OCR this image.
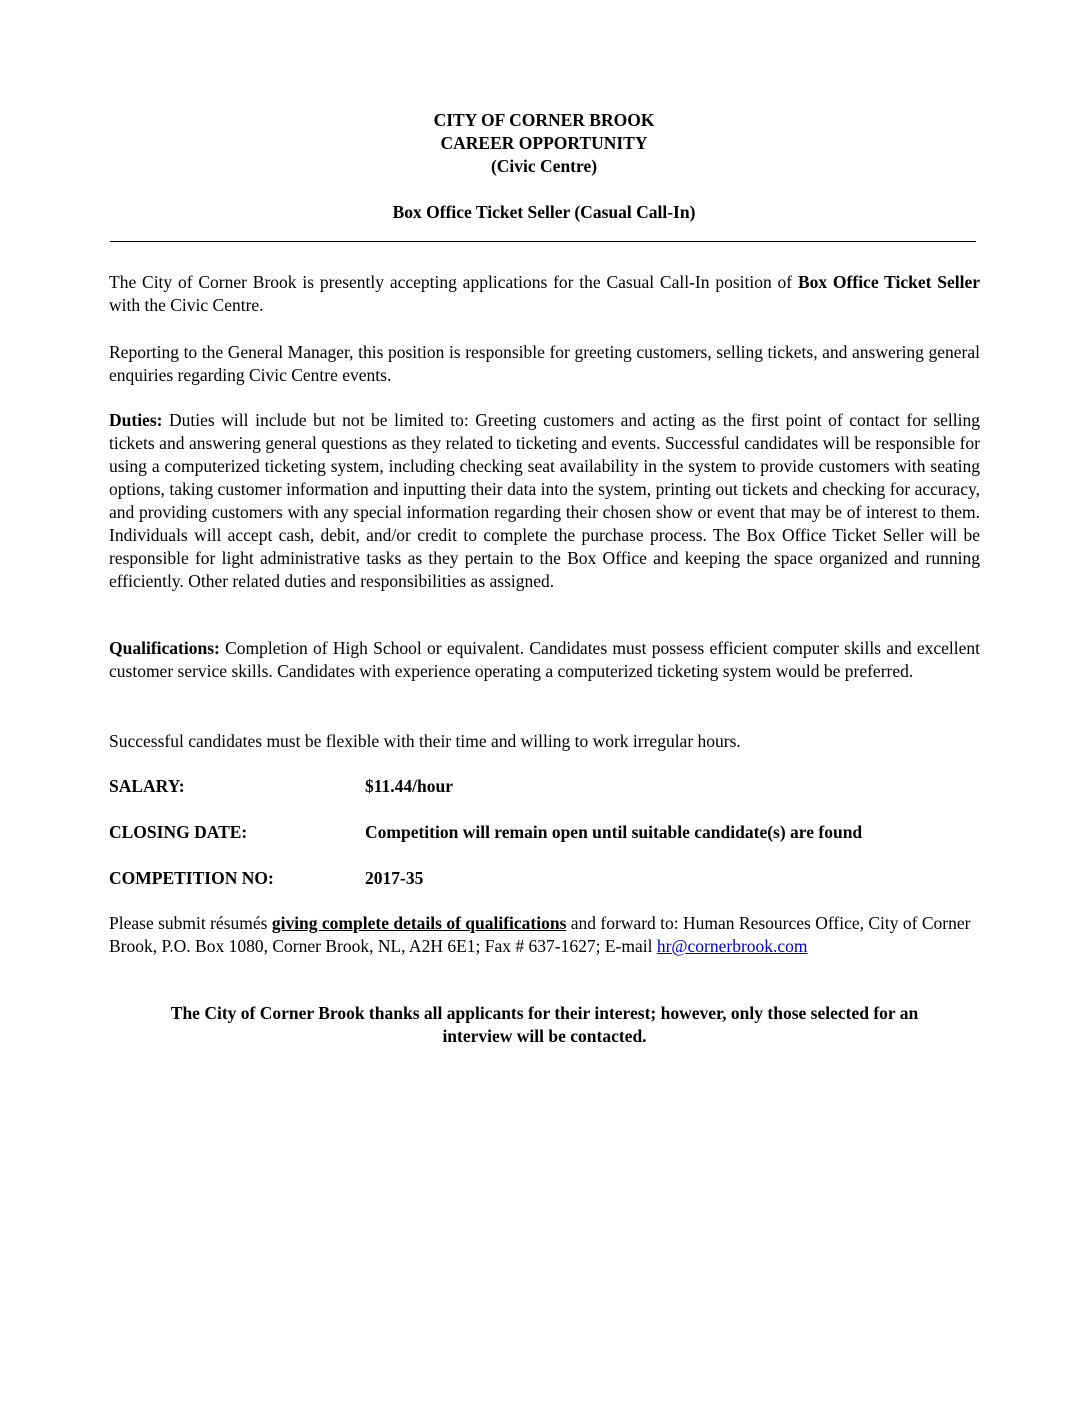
CITY OF CORNER BROOK
CAREER OPPORTUNITY
(Civic Centre)
Box Office Ticket Seller (Casual Call-In)
The City of Corner Brook is presently accepting applications for the Casual Call-In position of Box Office Ticket Seller with the Civic Centre.
Reporting to the General Manager, this position is responsible for greeting customers, selling tickets, and answering general enquiries regarding Civic Centre events.
Duties: Duties will include but not be limited to: Greeting customers and acting as the first point of contact for selling tickets and answering general questions as they related to ticketing and events. Successful candidates will be responsible for using a computerized ticketing system, including checking seat availability in the system to provide customers with seating options, taking customer information and inputting their data into the system, printing out tickets and checking for accuracy, and providing customers with any special information regarding their chosen show or event that may be of interest to them. Individuals will accept cash, debit, and/or credit to complete the purchase process. The Box Office Ticket Seller will be responsible for light administrative tasks as they pertain to the Box Office and keeping the space organized and running efficiently. Other related duties and responsibilities as assigned.
Qualifications: Completion of High School or equivalent. Candidates must possess efficient computer skills and excellent customer service skills. Candidates with experience operating a computerized ticketing system would be preferred.
Successful candidates must be flexible with their time and willing to work irregular hours.
SALARY:	$11.44/hour
CLOSING DATE:	Competition will remain open until suitable candidate(s) are found
COMPETITION NO:	2017-35
Please submit résumés giving complete details of qualifications and forward to: Human Resources Office, City of Corner Brook, P.O. Box 1080, Corner Brook, NL, A2H 6E1; Fax # 637-1627; E-mail hr@cornerbrook.com
The City of Corner Brook thanks all applicants for their interest; however, only those selected for an
interview will be contacted.
